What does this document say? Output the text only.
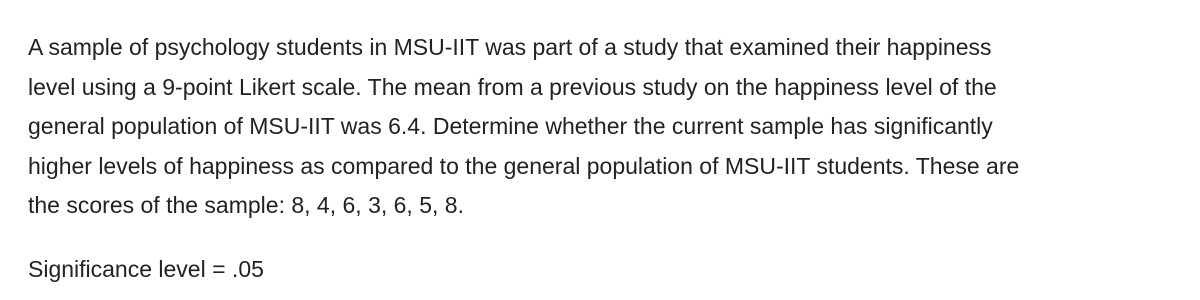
A sample of psychology students in MSU-IIT was part of a study that examined their happiness
level using a 9-point Likert scale. The mean from a previous study on the happiness level of the
general population of MSU-IIT was 6.4. Determine whether the current sample has significantly
higher levels of happiness as compared to the general population of MSU-IIT students. These are
the scores of the sample: 8, 4, 6, 3, 6, 5, 8.

Significance level = .05
